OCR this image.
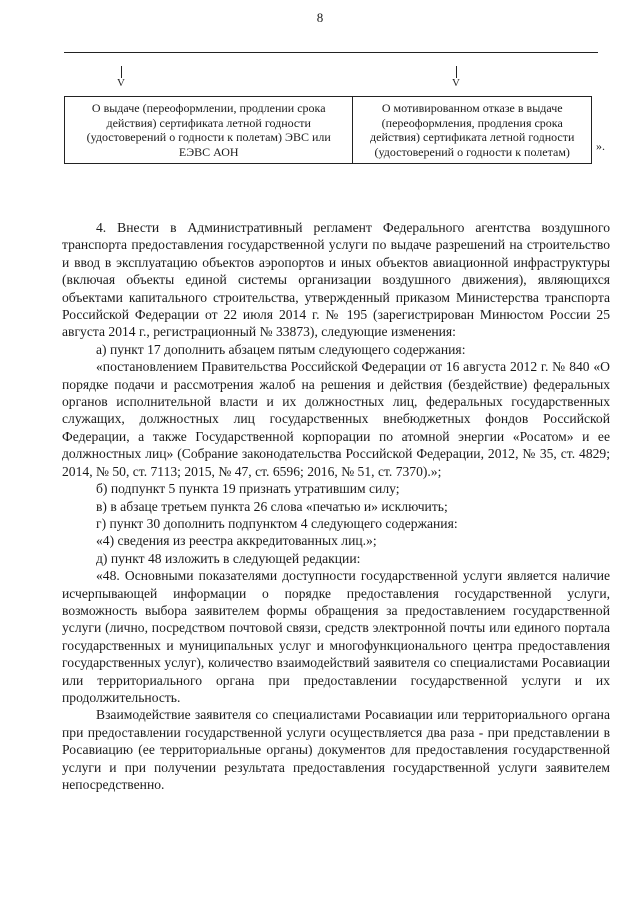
8
V	V
О выдаче (переоформлении, продлении срока действия) сертификата летной годности (удостоверений о годности к полетам) ЭВС или ЕЭВС АОН	О мотивированном отказе в выдаче (переоформления, продления срока действия) сертификата летной годности (удостоверений о годности к полетам)	».

4. Внести в Административный регламент Федерального агентства воздушного транспорта предоставления государственной услуги по выдаче разрешений на строительство и ввод в эксплуатацию объектов аэропортов и иных объектов авиационной инфраструктуры (включая объекты единой системы организации воздушного движения), являющихся объектами капитального строительства, утвержденный приказом Министерства транспорта Российской Федерации от 22 июля 2014 г. № 195 (зарегистрирован Минюстом России 25 августа 2014 г., регистрационный № 33873), следующие изменения:

а) пункт 17 дополнить абзацем пятым следующего содержания:

«постановлением Правительства Российской Федерации от 16 августа 2012 г. № 840 «О порядке подачи и рассмотрения жалоб на решения и действия (бездействие) федеральных органов исполнительной власти и их должностных лиц, федеральных государственных служащих, должностных лиц государственных внебюджетных фондов Российской Федерации, а также Государственной корпорации по атомной энергии «Росатом» и ее должностных лиц» (Собрание законодательства Российской Федерации, 2012, № 35, ст. 4829; 2014, № 50, ст. 7113; 2015, № 47, ст. 6596; 2016, № 51, ст. 7370).»;

б) подпункт 5 пункта 19 признать утратившим силу;

в) в абзаце третьем пункта 26 слова «печатью и» исключить;

г) пункт 30 дополнить подпунктом 4 следующего содержания:

«4) сведения из реестра аккредитованных лиц.»;

д) пункт 48 изложить в следующей редакции:

«48. Основными показателями доступности государственной услуги является наличие исчерпывающей информации о порядке предоставления государственной услуги, возможность выбора заявителем формы обращения за предоставлением государственной услуги (лично, посредством почтовой связи, средств электронной почты или единого портала государственных и муниципальных услуг и многофункционального центра предоставления государственных услуг), количество взаимодействий заявителя со специалистами Росавиации или территориального органа при предоставлении государственной услуги и их продолжительность.

Взаимодействие заявителя со специалистами Росавиации или территориального органа при предоставлении государственной услуги осуществляется два раза - при представлении в Росавиацию (ее территориальные органы) документов для предоставления государственной услуги и при получении результата предоставления государственной услуги заявителем непосредственно.
